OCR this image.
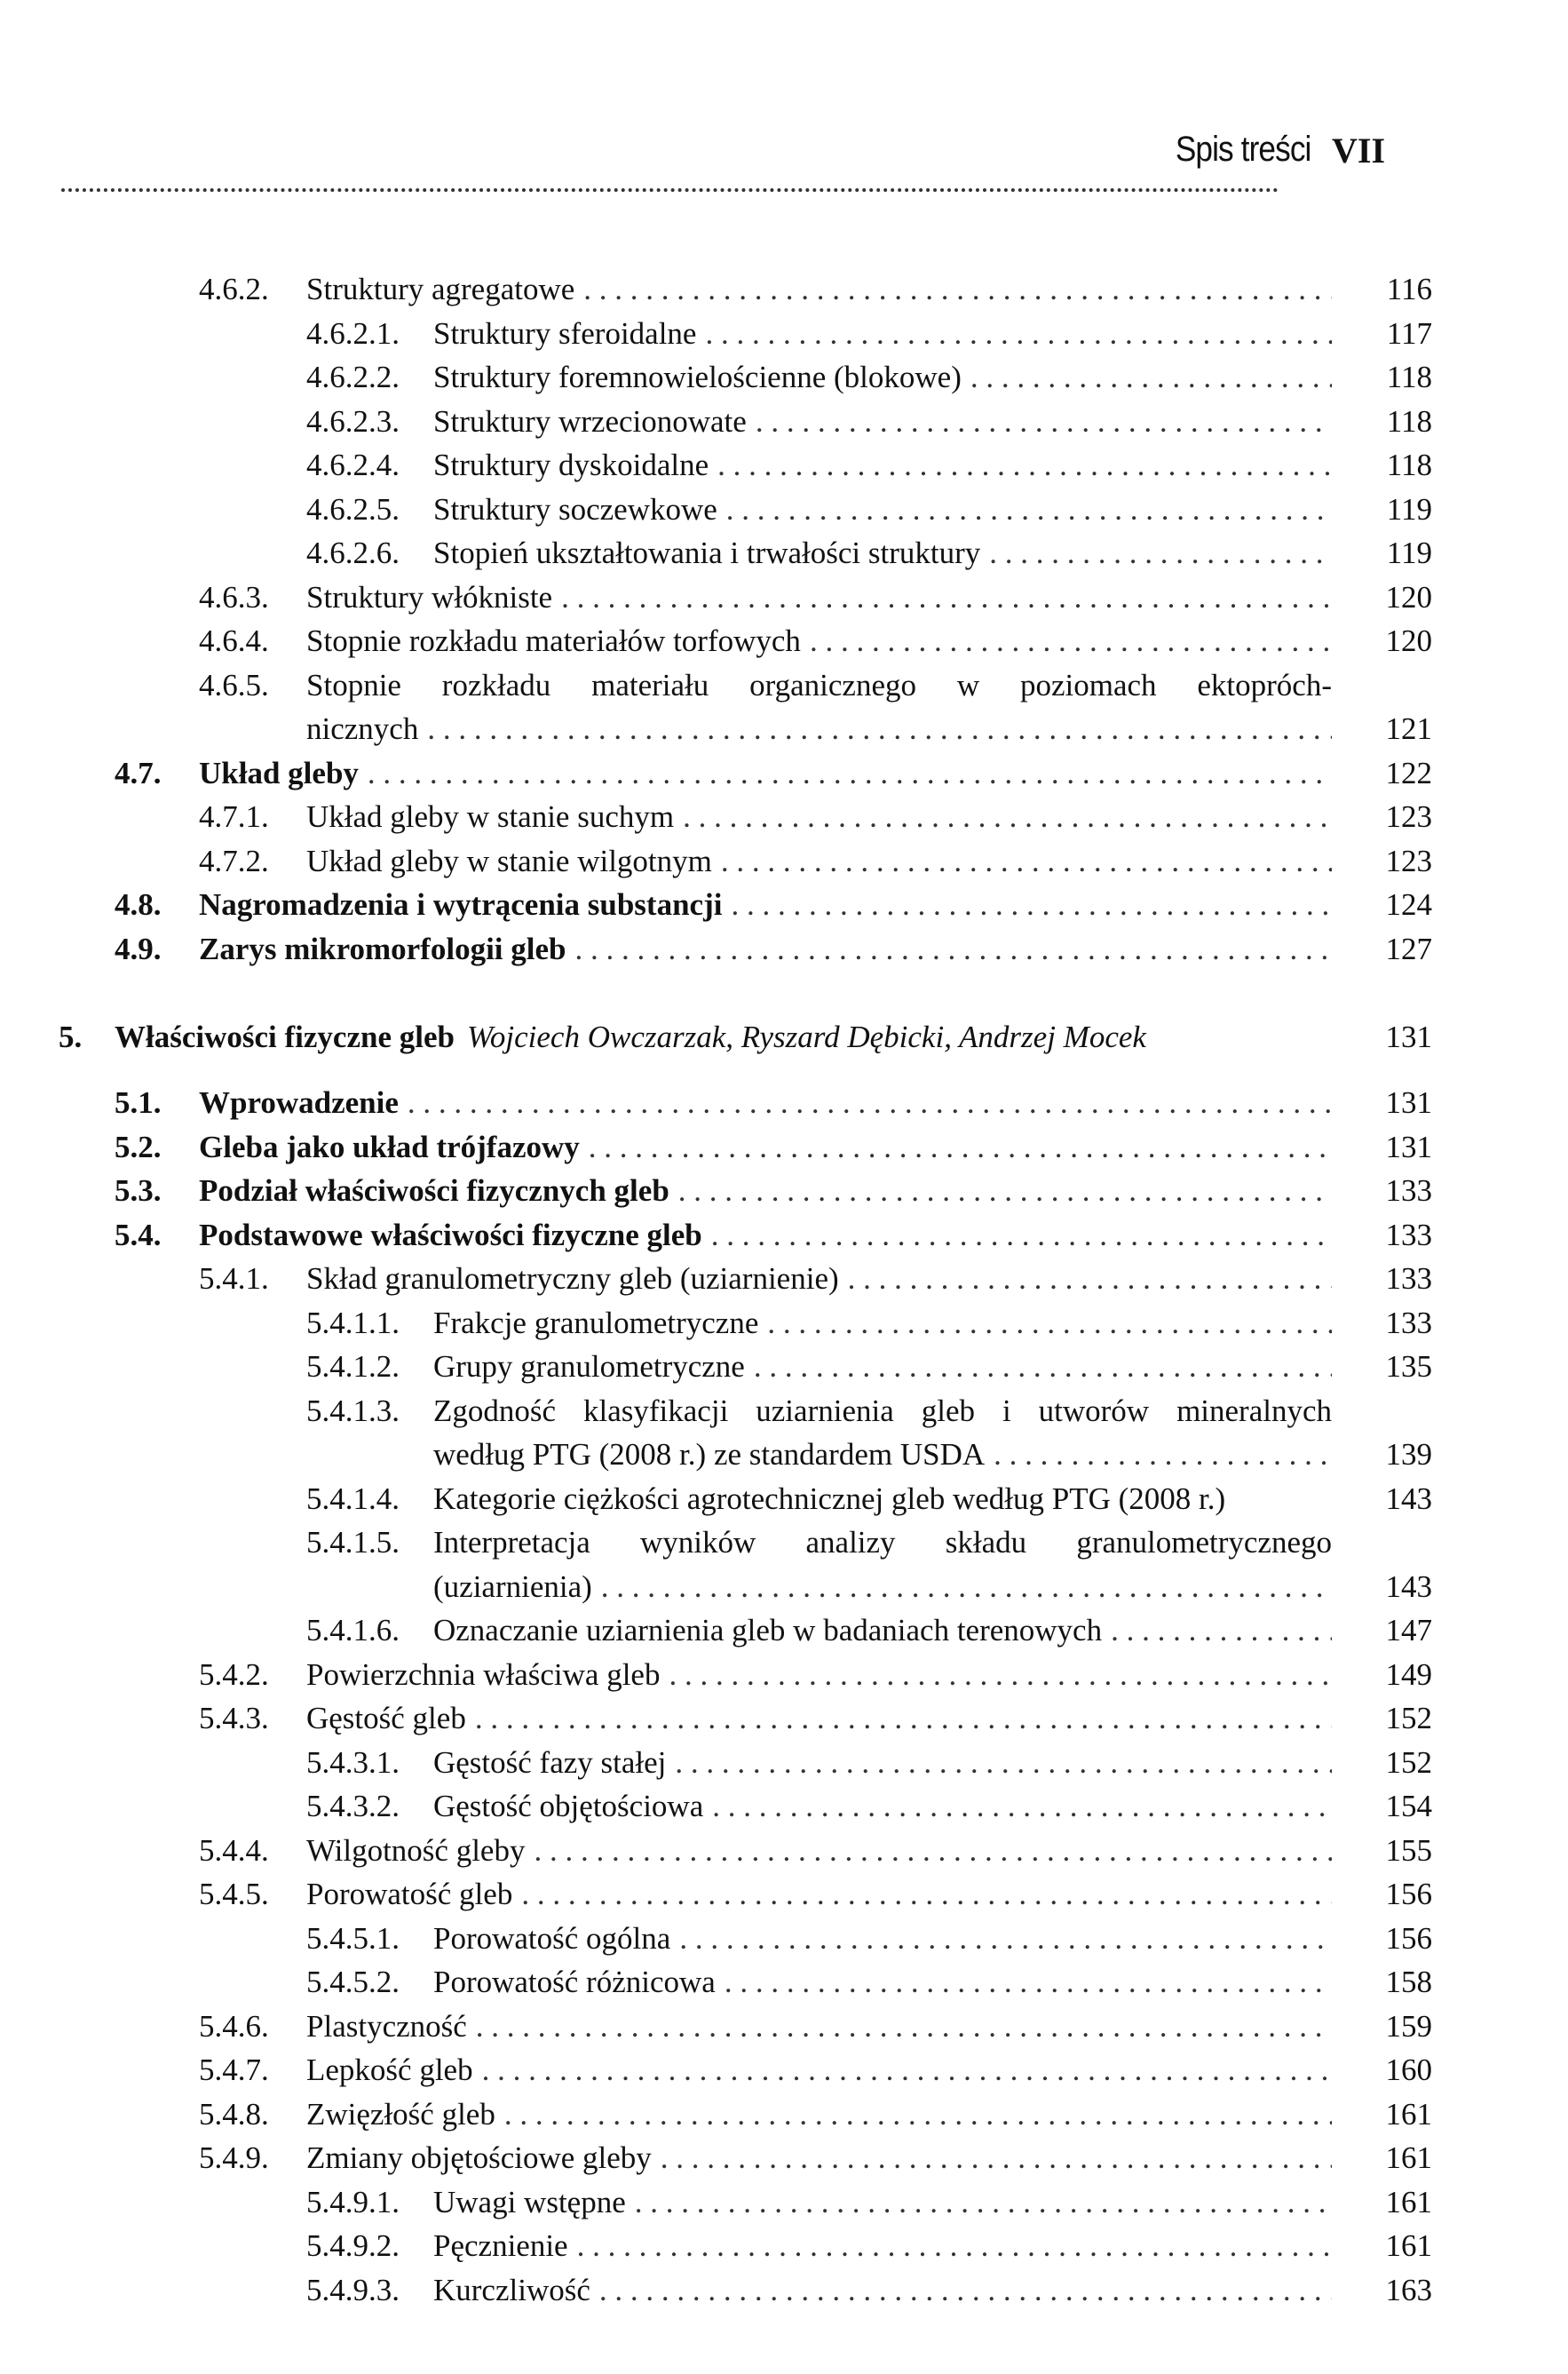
Spis treści VII
4.6.2. Struktury agregatowe . . .	116
4.6.2.1. Struktury sferoidalne . . .	117
4.6.2.2. Struktury foremnowielościenne (blokowe) . . .	118
4.6.2.3. Struktury wrzecionowate . . .	118
4.6.2.4. Struktury dyskoidalne . . .	118
4.6.2.5. Struktury soczewkowe . . .	119
4.6.2.6. Stopień ukształtowania i trwałości struktury . . .	119
4.6.3. Struktury włókniste . . .	120
4.6.4. Stopnie rozkładu materiałów torfowych . . .	120
4.6.5. Stopnie rozkładu materiału organicznego w poziomach ektopróch-
nicznych . . .	121
4.7. Układ gleby . . .	122
4.7.1. Układ gleby w stanie suchym . . .	123
4.7.2. Układ gleby w stanie wilgotnym . . .	123
4.8. Nagromadzenia i wytrącenia substancji . . .	124
4.9. Zarys mikromorfologii gleb . . .	127
5. Właściwości fizyczne gleb Wojciech Owczarzak, Ryszard Dębicki, Andrzej Mocek	131
5.1. Wprowadzenie . . .	131
5.2. Gleba jako układ trójfazowy . . .	131
5.3. Podział właściwości fizycznych gleb . . .	133
5.4. Podstawowe właściwości fizyczne gleb . . .	133
5.4.1. Skład granulometryczny gleb (uziarnienie) . . .	133
5.4.1.1. Frakcje granulometryczne . . .	133
5.4.1.2. Grupy granulometryczne . . .	135
5.4.1.3. Zgodność klasyfikacji uziarnienia gleb i utworów mineralnych
według PTG (2008 r.) ze standardem USDA . . .	139
5.4.1.4. Kategorie ciężkości agrotechnicznej gleb według PTG (2008 r.)	143
5.4.1.5. Interpretacja wyników analizy składu granulometrycznego
(uziarnienia) . . .	143
5.4.1.6. Oznaczanie uziarnienia gleb w badaniach terenowych . . .	147
5.4.2. Powierzchnia właściwa gleb . . .	149
5.4.3. Gęstość gleb . . .	152
5.4.3.1. Gęstość fazy stałej . . .	152
5.4.3.2. Gęstość objętościowa . . .	154
5.4.4. Wilgotność gleby . . .	155
5.4.5. Porowatość gleb . . .	156
5.4.5.1. Porowatość ogólna . . .	156
5.4.5.2. Porowatość różnicowa . . .	158
5.4.6. Plastyczność . . .	159
5.4.7. Lepkość gleb . . .	160
5.4.8. Zwięzłość gleb . . .	161
5.4.9. Zmiany objętościowe gleby . . .	161
5.4.9.1. Uwagi wstępne . . .	161
5.4.9.2. Pęcznienie . . .	161
5.4.9.3. Kurczliwość . . .	163
